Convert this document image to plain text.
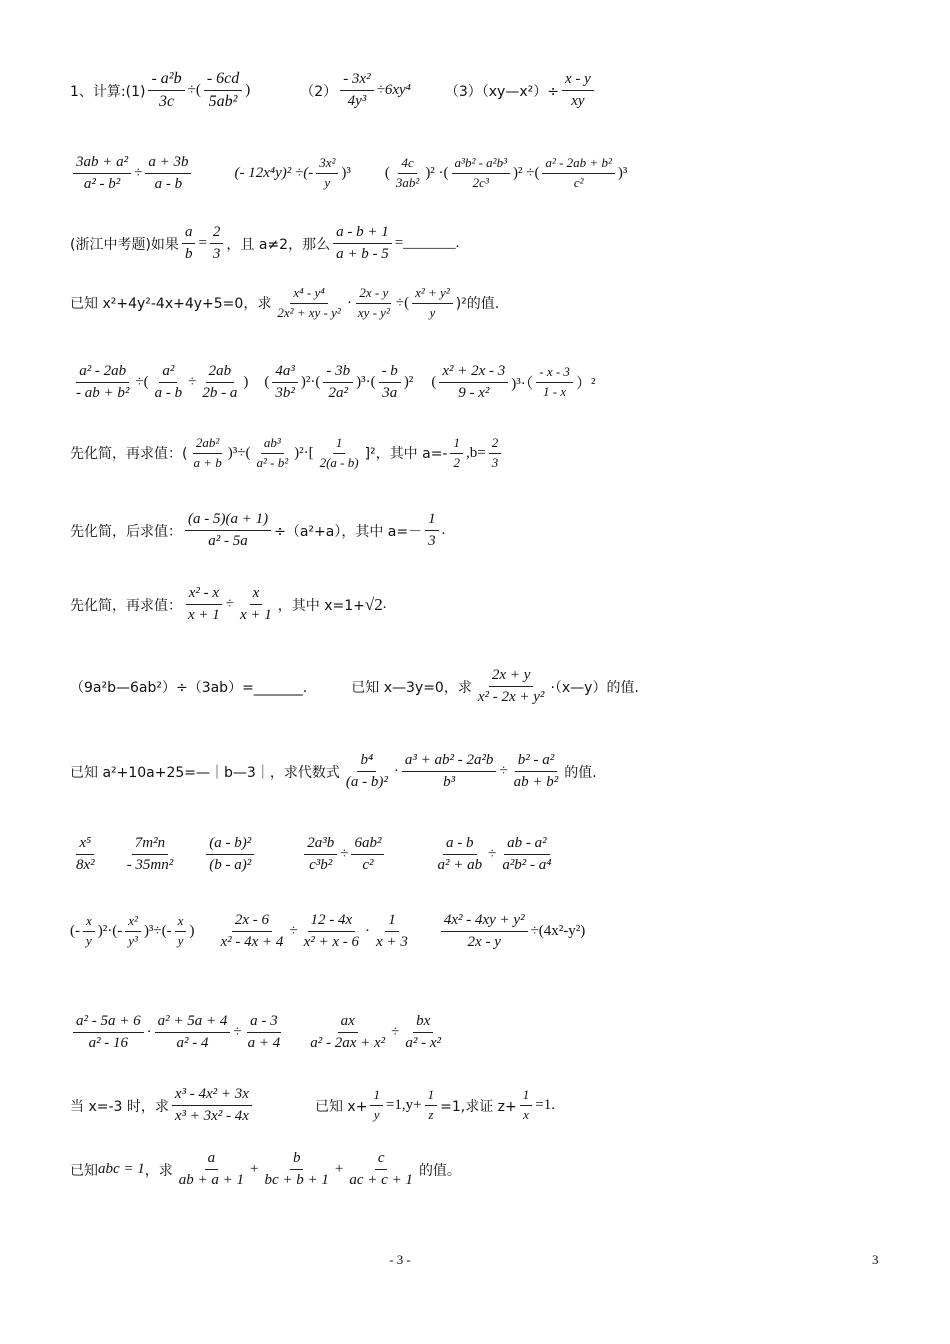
1、计算:(1) $\frac{\text{- a²b}}{3c}$ ÷( $\frac{- 6cd}{\text{5ab²}}$ )	$(2) \frac{\text{- 3x²}}{\text{4y³}} \div 6xy^4$ （3）（xy—x²）÷ $\frac{x - y}{xy}$
$\frac{\text{3ab + a²}}{\text{a² - b²}} \div \frac{a + 3b}{a - b}$	(- 12x⁴y)² ÷(- $\frac{\text{3x²}}{y} )^3$ ( $\frac{4c}{\text{3ab²}} )^2$ ·( $\frac{\text{a³b² - a²b³}}{\text{2c³}} )^2$ ÷( $\frac{\text{a² - 2ab + b²}}{\text{c²}} )^3$
(浙江中考题)如果 $\frac{a}{b} = \frac{2}{3}$ ，且 a≠2，那么 $\frac{a - b + 1}{a + b - 5}$ =_______.
已知 x²+4y²-4x+4y+5=0，求 $\frac{\text{x⁴ - y⁴}}{\text{2x² + xy - y²}} \cdot \frac{2x - y}{\text{xy - y²}}$ ÷( $\frac{\text{x² + y²}}{y} )^2$的值.
$\frac{\text{a² - 2ab}}{\text{- ab + b²}}$ ÷( $\frac{\text{a²}}{a - b} \div \frac{2ab}{2b - a}$ ) ( $\frac{\text{4a³}}{\text{3b²}} )^2\cdot( \frac{- 3b}{\text{2a²}} )^3\cdot( \frac{- b}{3a} )^2$ ( $\frac{\text{x² + 2x - 3}}{\text{9 - x²}} )^3\cdot( \frac{- x - 3}{1 - x} )^2$
先化简，再求值：( $\frac{\text{2ab²}}{a + b} )^3\div( \frac{\text{ab³}}{\text{a² - b²}} )^2\cdot[ \frac{1}{2(a - b)} ]^2$，其中 $a=- \frac{1}{2} ,b= \frac{2}{3}$
先化简，后求值： $\frac{(a - 5)(a + 1)}{\text{a² - 5a}} \div(a^2+a)$，其中 $a=- \frac{1}{3}$ .
先化简，再求值： $\frac{\text{x² - x}}{x + 1} \div \frac{x}{x + 1}$ ，其中 x=1+ √2 .
（9a²b—6ab²）÷（3ab）=_______.	已知 x—3y=0，求 $\frac{2x + y}{\text{x² - 2x + y²}}$ ·（x—y）的值.
已知 a²+10a+25=—｜b—3｜，求代数式 $\frac{\text{b⁴}}{\text{(a - b)²}} \cdot \frac{\text{a³ + ab² - 2a²b}}{\text{b³}} \div \frac{\text{b² - a²}}{\text{ab + b²}}$ 的值.
$\frac{\text{x⁵}}{\text{8x²}} \frac{\text{7m²n}}{\text{- 35mn²}} \frac{\text{(a - b)²}}{\text{(b - a)²}}$	$\frac{\text{2a³b}}{\text{c³b²}} \div \frac{\text{6ab²}}{\text{c²}}$	$\frac{a - b}{\text{a² + ab}} \div \frac{\text{ab - a²}}{\text{a²b² - a⁴}}$
(- $\frac{x}{y} )^2\cdot(- \frac{\text{x²}}{\text{y³}} )^3\div(- \frac{x}{y}$ ) $\frac{2x - 6}{\text{x² - 4x + 4}} \div \frac{12 - 4x}{\text{x² + x - 6}} \cdot \frac{1}{x + 3} \frac{\text{4x² - 4xy + y²}}{2x - y} \div(4x^2-y^2)$
$\frac{\text{a² - 5a + 6}}{\text{a² - 16}} \cdot \frac{\text{a² + 5a + 4}}{\text{a² - 4}} \div \frac{a - 3}{a + 4} \frac{ax}{\text{a² - 2ax + x²}} \div \frac{bx}{\text{a² - x²}}$
当 x=-3 时，求 $\frac{\text{x³ - 4x² + 3x}}{\text{x³ + 3x² - 4x}}$	已知 $x+ \frac{1}{y} =1,y+ \frac{1}{z} =1$,求证 $z+ \frac{1}{x} =1$.
已知 abc = 1 ，求 $\frac{a}{ab + a + 1} + \frac{b}{bc + b + 1} + \frac{c}{ac + c + 1}$ 的值。
- 3 -	3
